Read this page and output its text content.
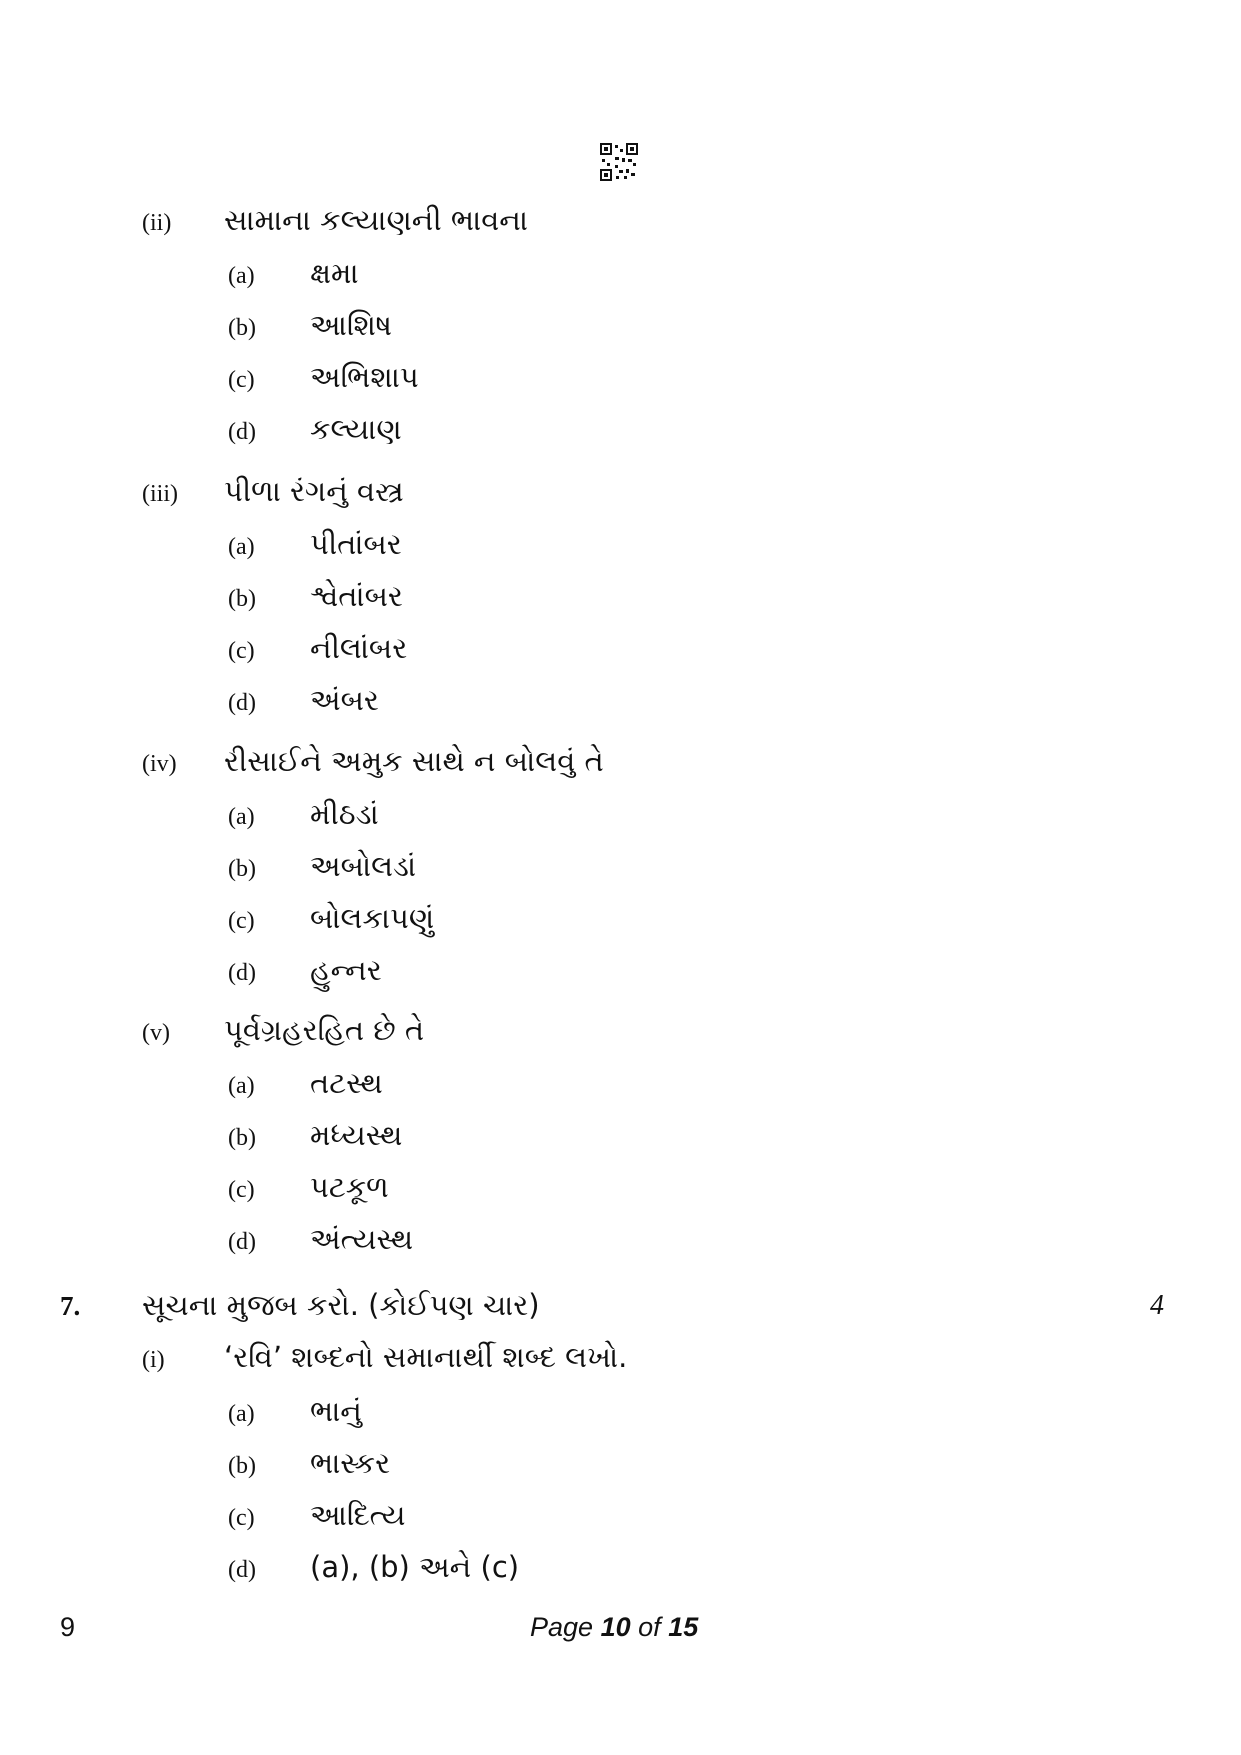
(ii)	સામાના કલ્યાણની ભાવના
(a)	ક્ષમા
(b)	આશિષ
(c)	અભિશાપ
(d)	કલ્યાણ
(iii)	પીળા રંગનું વસ્ત્ર
(a)	પીતાંબર
(b)	શ્વેતાંબર
(c)	નીલાંબર
(d)	અંબર
(iv)	રીસાઈને અમુક સાથે ન બોલવું તે
(a)	મીઠડાં
(b)	અબોલડાં
(c)	બોલકાપણું
(d)	હુન્નર
(v)	પૂર્વગ્રહરહિત છે તે
(a)	તટસ્થ
(b)	મધ્યસ્થ
(c)	પટકૂળ
(d)	અંત્યસ્થ
7.	સૂચના મુજબ કરો. (કોઈપણ ચાર)	4
(i)	‘રવિ’ શબ્દનો સમાનાર્થી શબ્દ લખો.
(a)	ભાનું
(b)	ભાસ્કર
(c)	આદિત્ય
(d)	(a), (b) અને (c)
9	Page 10 of 15
